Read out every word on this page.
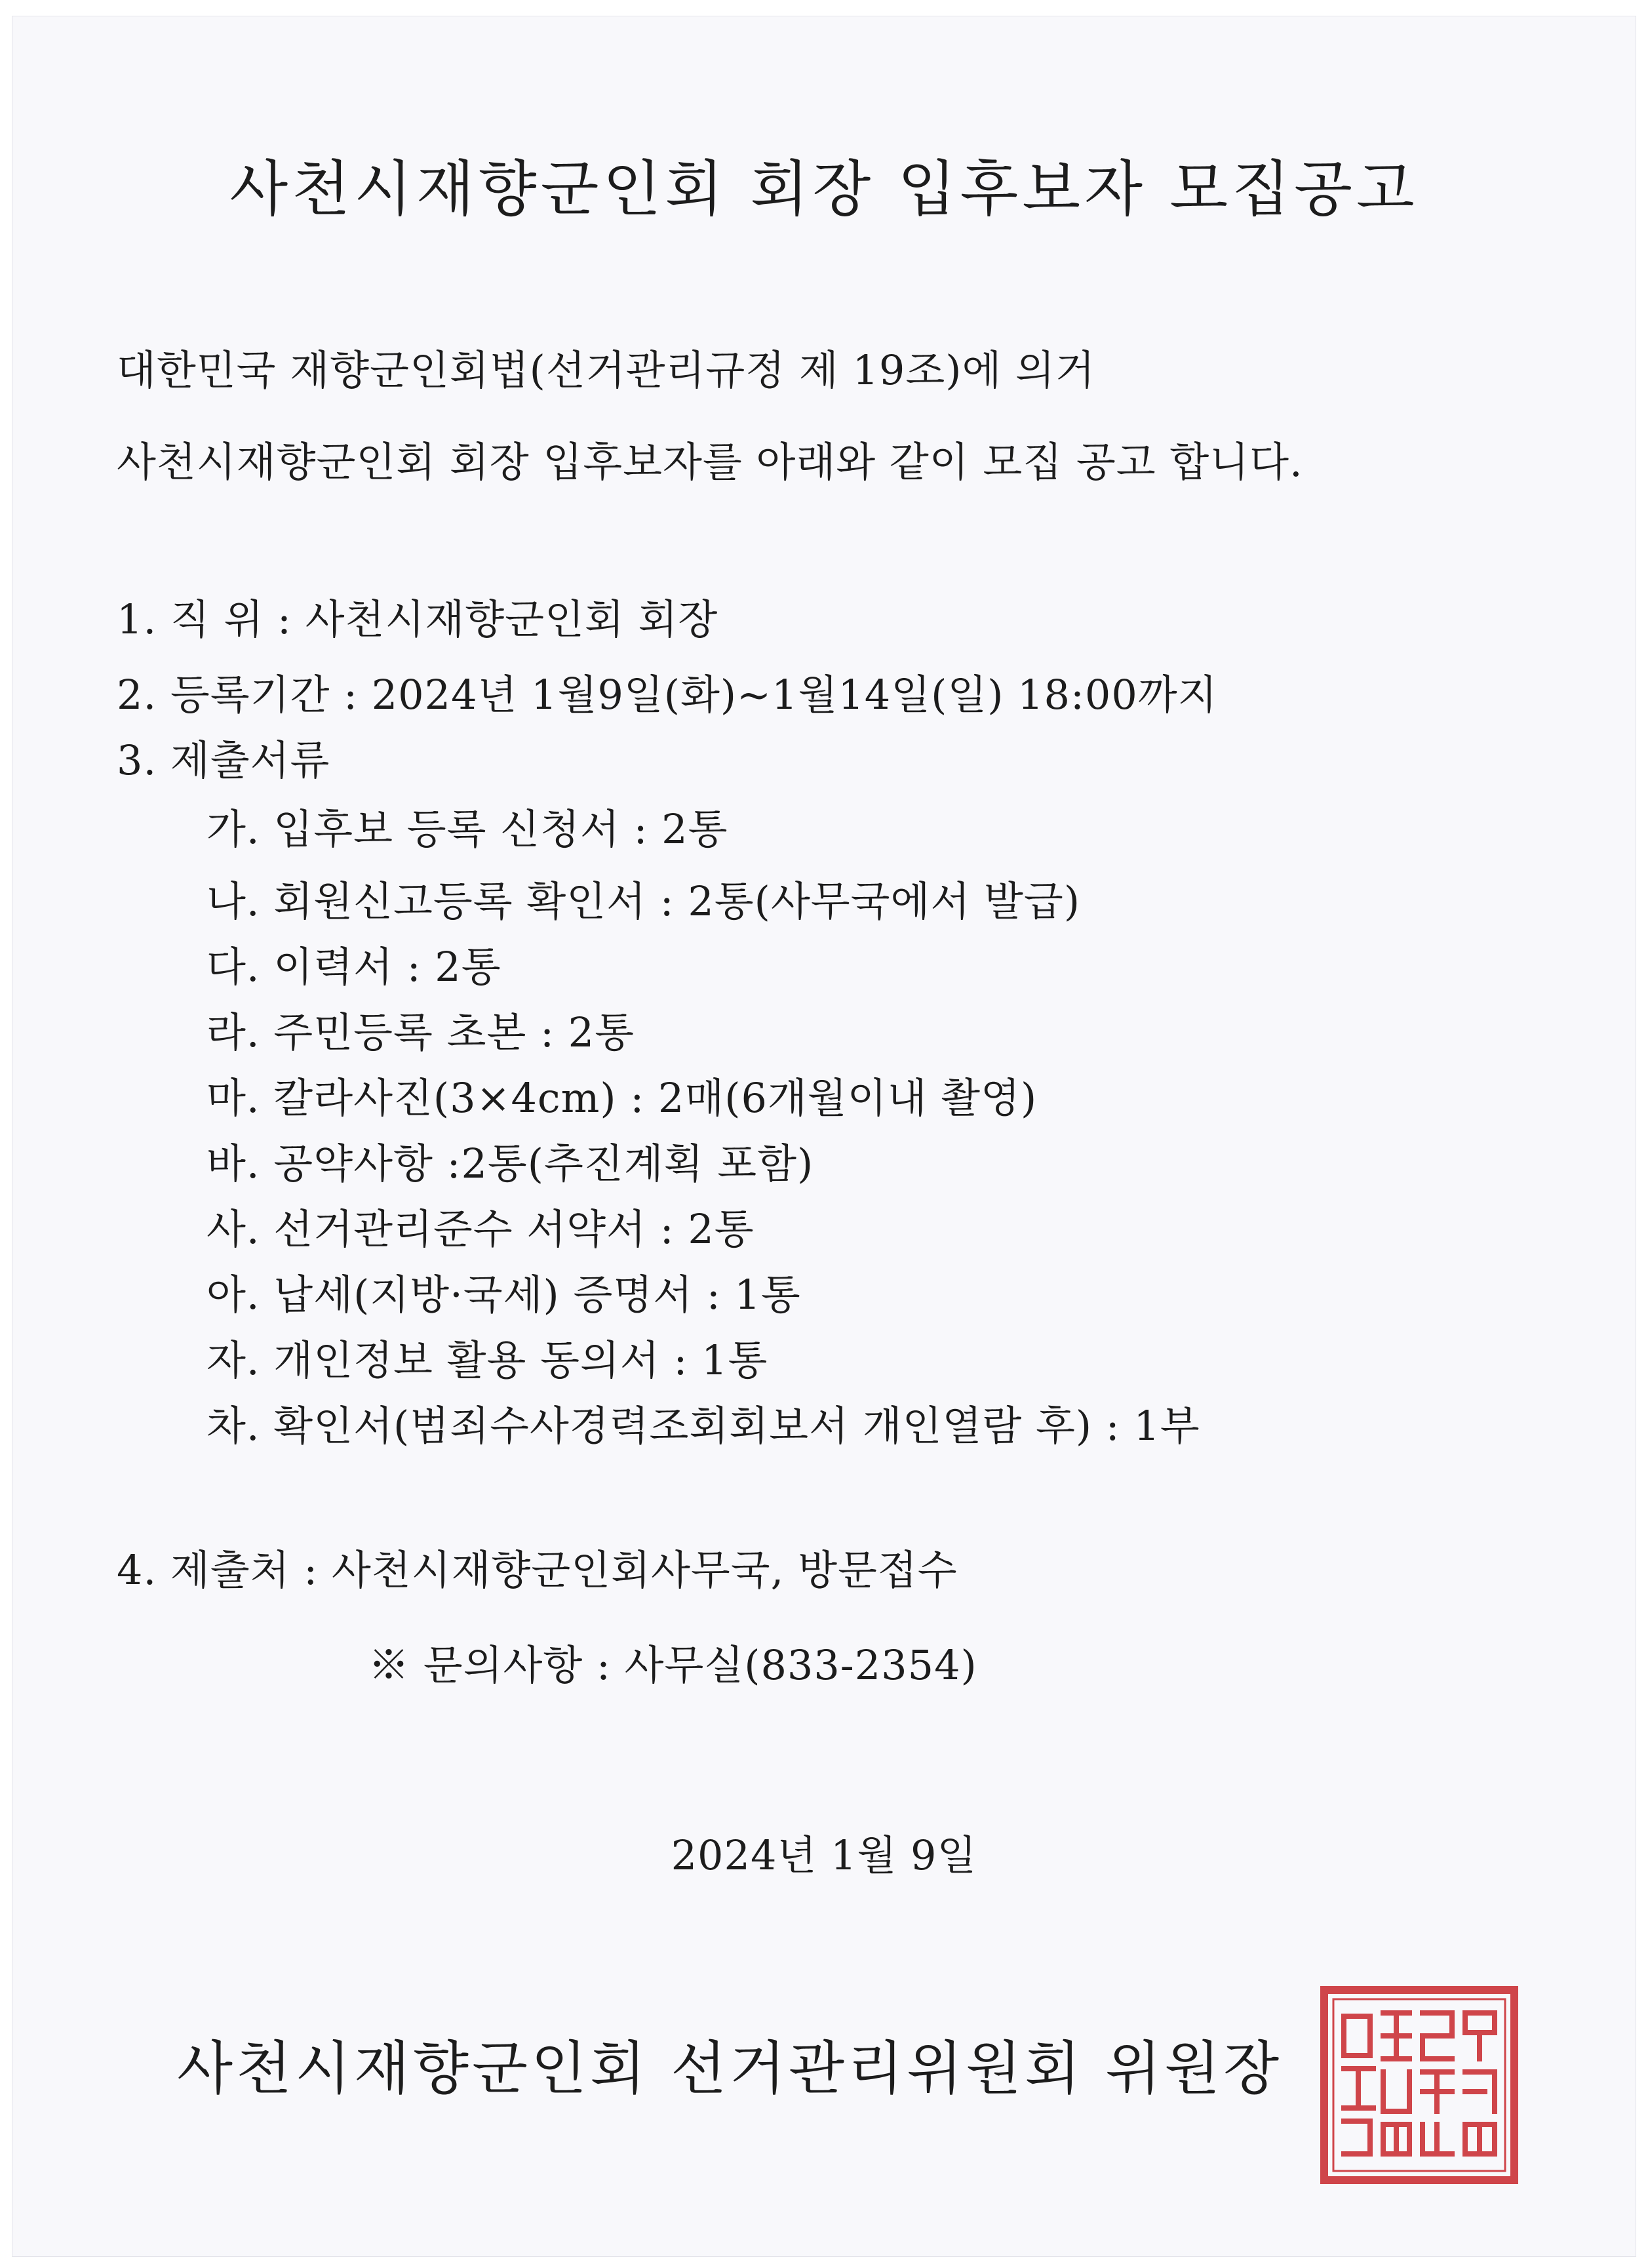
사천시재향군인회 회장 입후보자 모집공고
대한민국 재향군인회법(선거관리규정 제 19조)에 의거
사천시재향군인회 회장 입후보자를 아래와 같이 모집 공고 합니다.
1. 직 위 : 사천시재향군인회 회장
2. 등록기간 : 2024년 1월9일(화)~1월14일(일) 18:00까지
3. 제출서류
가. 입후보 등록 신청서 : 2통
나. 회원신고등록 확인서 : 2통(사무국에서 발급)
다. 이력서 : 2통
라. 주민등록 초본 : 2통
마. 칼라사진(3×4cm) : 2매(6개월이내 촬영)
바. 공약사항 :2통(추진계획 포함)
사. 선거관리준수 서약서 : 2통
아. 납세(지방·국세) 증명서 : 1통
자. 개인정보 활용 동의서 : 1통
차. 확인서(범죄수사경력조회회보서 개인열람 후) : 1부
4. 제출처 : 사천시재향군인회사무국, 방문접수
※ 문의사항 : 사무실(833-2354)
2024년 1월 9일
사천시재향군인회 선거관리위원회 위원장
